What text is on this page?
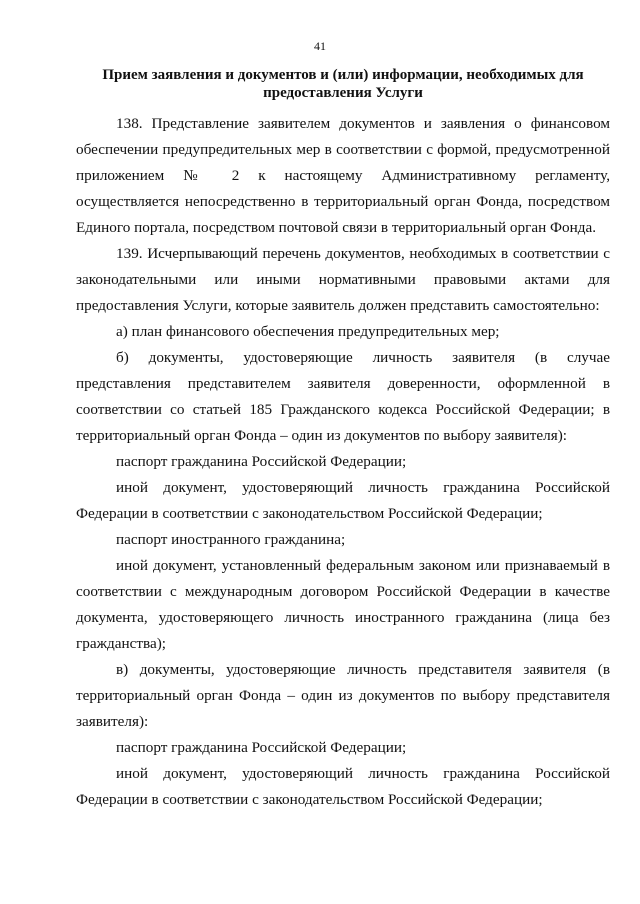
41
Прием заявления и документов и (или) информации, необходимых для
предоставления Услуги

138. Представление заявителем документов и заявления о финансовом обеспечении предупредительных мер в соответствии с формой, предусмотренной приложением № 2 к настоящему Административному регламенту, осуществляется непосредственно в территориальный орган Фонда, посредством Единого портала, посредством почтовой связи в территориальный орган Фонда.

139. Исчерпывающий перечень документов, необходимых в соответствии с законодательными или иными нормативными правовыми актами для предоставления Услуги, которые заявитель должен представить самостоятельно:

а) план финансового обеспечения предупредительных мер;

б) документы, удостоверяющие личность заявителя (в случае представления представителем заявителя доверенности, оформленной в соответствии со статьей 185 Гражданского кодекса Российской Федерации; в территориальный орган Фонда – один из документов по выбору заявителя):

паспорт гражданина Российской Федерации;

иной документ, удостоверяющий личность гражданина Российской Федерации в соответствии с законодательством Российской Федерации;

паспорт иностранного гражданина;

иной документ, установленный федеральным законом или признаваемый в соответствии с международным договором Российской Федерации в качестве документа, удостоверяющего личность иностранного гражданина (лица без гражданства);

в) документы, удостоверяющие личность представителя заявителя (в территориальный орган Фонда – один из документов по выбору представителя заявителя):

паспорт гражданина Российской Федерации;

иной документ, удостоверяющий личность гражданина Российской Федерации в соответствии с законодательством Российской Федерации;
